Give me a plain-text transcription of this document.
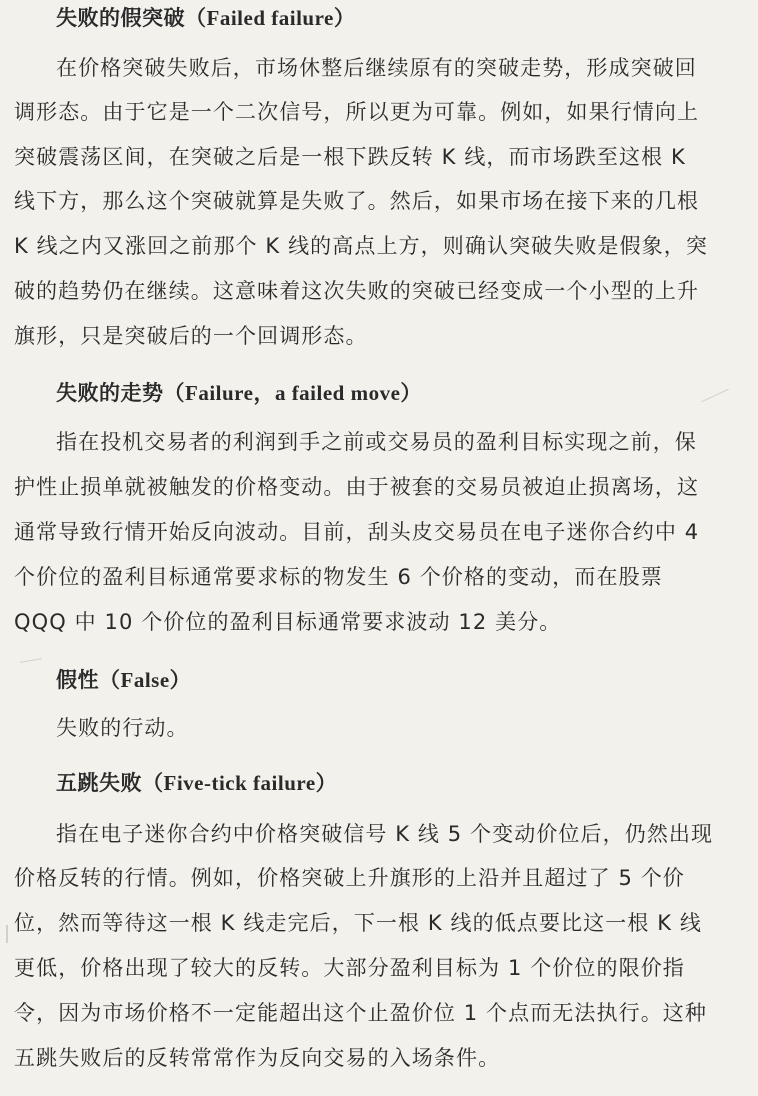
失败的假突破（Failed failure）
在价格突破失败后，市场休整后继续原有的突破走势，形成突破回
调形态。由于它是一个二次信号，所以更为可靠。例如，如果行情向上
突破震荡区间，在突破之后是一根下跌反转 K 线，而市场跌至这根 K
线下方，那么这个突破就算是失败了。然后，如果市场在接下来的几根
K 线之内又涨回之前那个 K 线的高点上方，则确认突破失败是假象，突
破的趋势仍在继续。这意味着这次失败的突破已经变成一个小型的上升
旗形，只是突破后的一个回调形态。
失败的走势（Failure，a failed move）
指在投机交易者的利润到手之前或交易员的盈利目标实现之前，保
护性止损单就被触发的价格变动。由于被套的交易员被迫止损离场，这
通常导致行情开始反向波动。目前，刮头皮交易员在电子迷你合约中 4
个价位的盈利目标通常要求标的物发生 6 个价格的变动，而在股票
QQQ 中 10 个价位的盈利目标通常要求波动 12 美分。
假性（False）
失败的行动。
五跳失败（Five-tick failure）
指在电子迷你合约中价格突破信号 K 线 5 个变动价位后，仍然出现
价格反转的行情。例如，价格突破上升旗形的上沿并且超过了 5 个价
位，然而等待这一根 K 线走完后，下一根 K 线的低点要比这一根 K 线
更低，价格出现了较大的反转。大部分盈利目标为 1 个价位的限价指
令，因为市场价格不一定能超出这个止盈价位 1 个点而无法执行。这种
五跳失败后的反转常常作为反向交易的入场条件。
